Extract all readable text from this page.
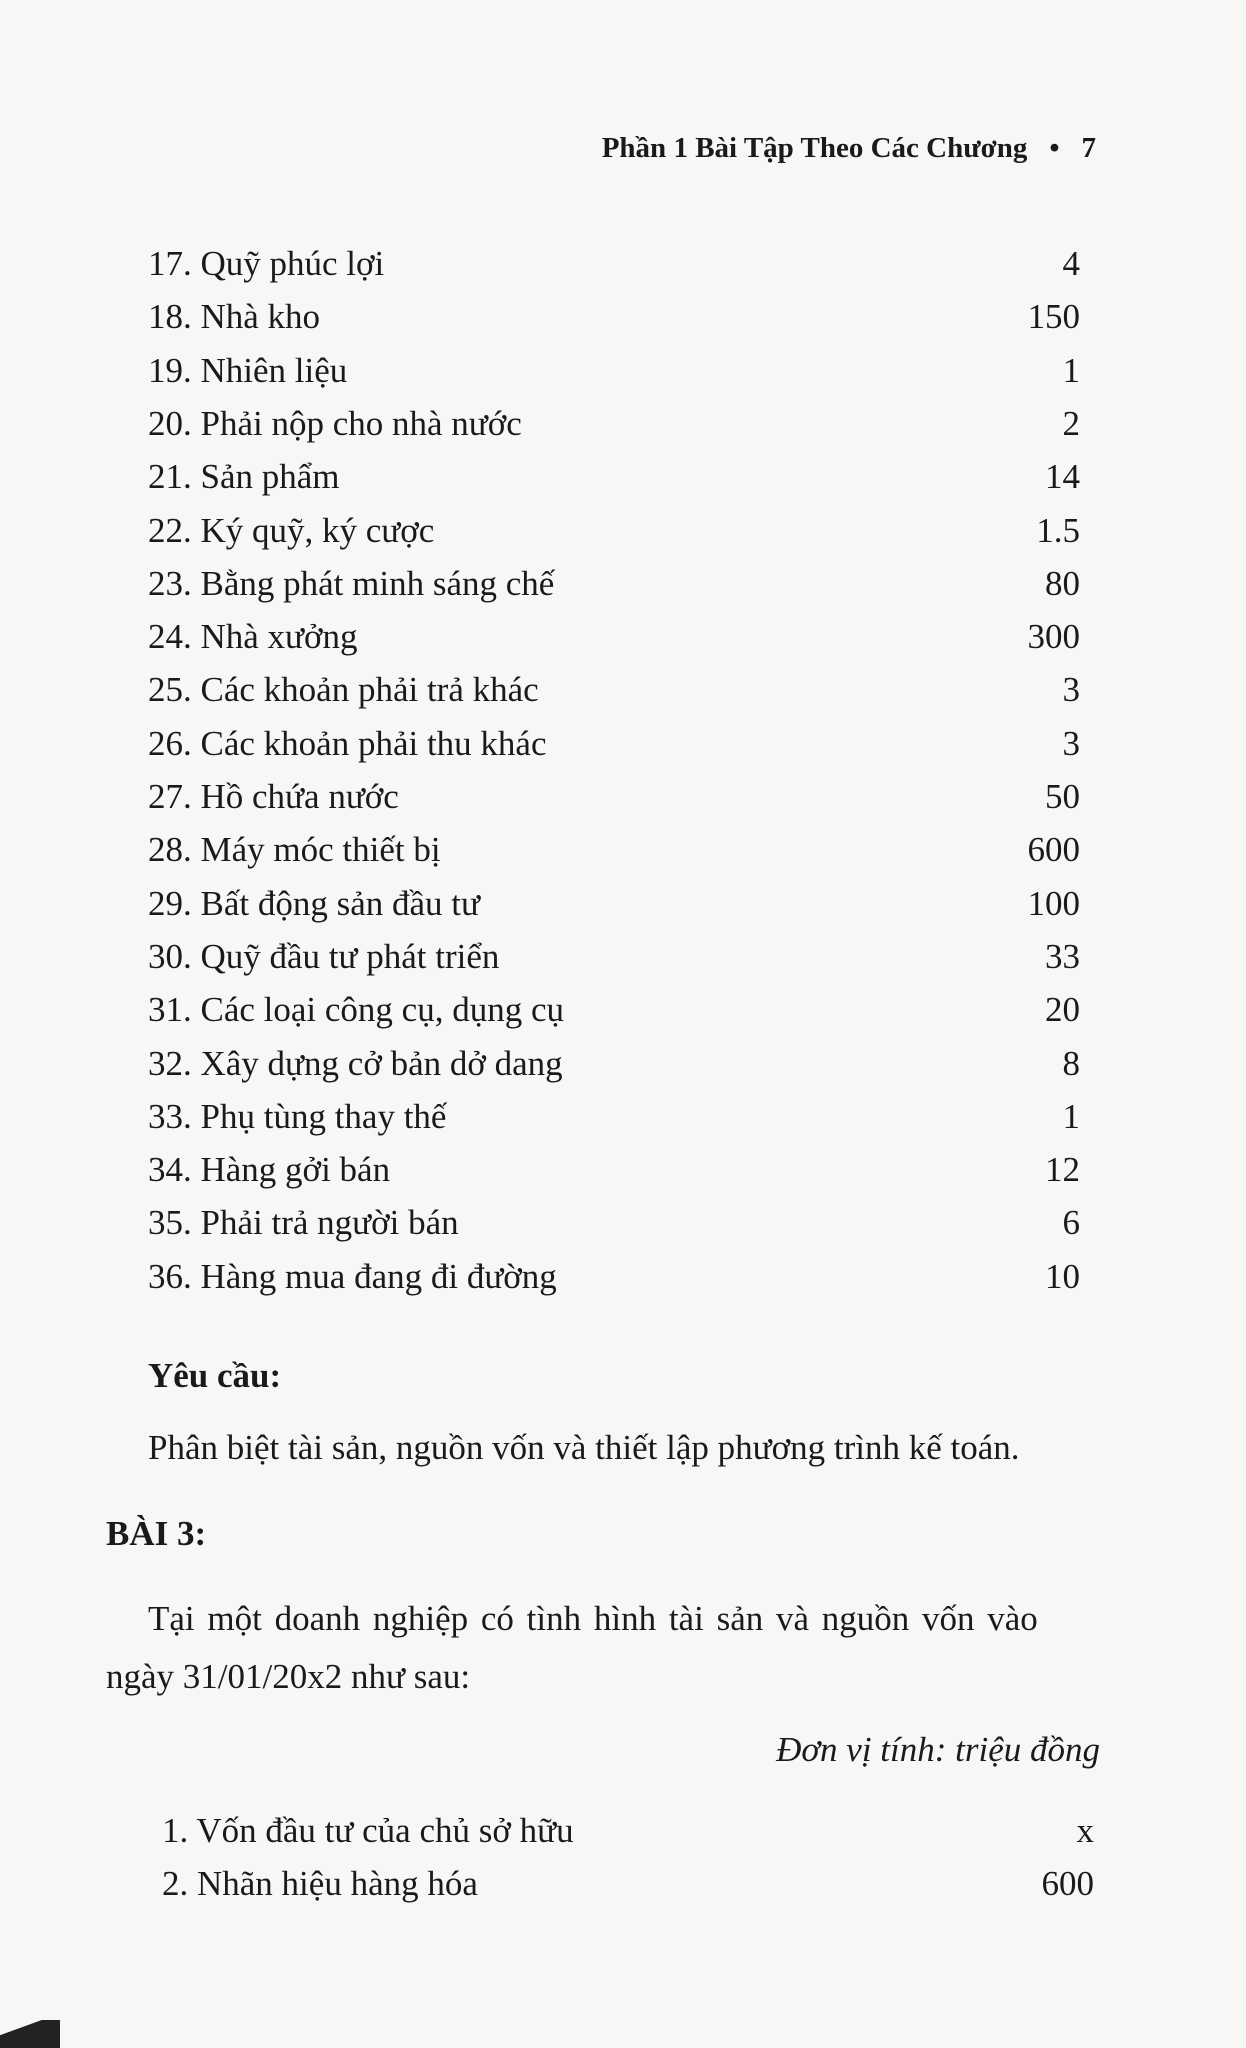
Phần 1 Bài Tập Theo Các Chương • 7
17. Quỹ phúc lợi	4
18. Nhà kho	150
19. Nhiên liệu	1
20. Phải nộp cho nhà nước	2
21. Sản phẩm	14
22. Ký quỹ, ký cược	1.5
23. Bằng phát minh sáng chế	80
24. Nhà xưởng	300
25. Các khoản phải trả khác	3
26. Các khoản phải thu khác	3
27. Hồ chứa nước	50
28. Máy móc thiết bị	600
29. Bất động sản đầu tư	100
30. Quỹ đầu tư phát triển	33
31. Các loại công cụ, dụng cụ	20
32. Xây dựng cở bản dở dang	8
33. Phụ tùng thay thế	1
34. Hàng gởi bán	12
35. Phải trả người bán	6
36. Hàng mua đang đi đường	10
Yêu cầu:
Phân biệt tài sản, nguồn vốn và thiết lập phương trình kế toán.
BÀI 3:
Tại một doanh nghiệp có tình hình tài sản và nguồn vốn vào
ngày 31/01/20x2 như sau:
Đơn vị tính: triệu đồng
1. Vốn đầu tư của chủ sở hữu	x
2. Nhãn hiệu hàng hóa	600
